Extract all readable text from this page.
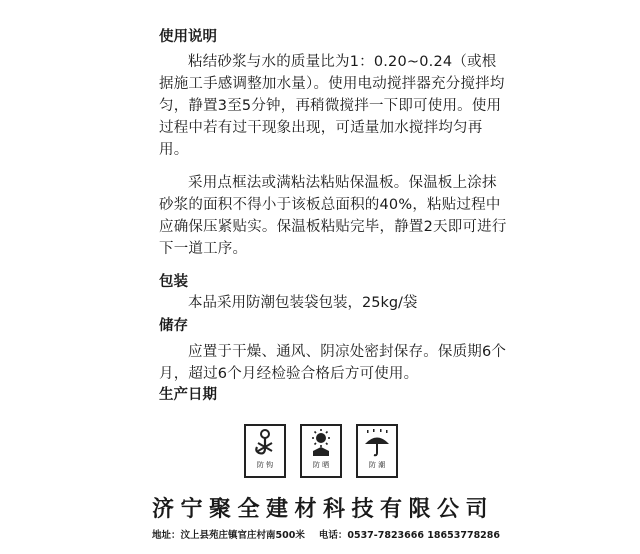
使用说明

粘结砂浆与水的质量比为1：0.20~0.24（或根据施工手感调整加水量）。使用电动搅拌器充分搅拌均匀，静置3至5分钟，再稍微搅拌一下即可使用。使用过程中若有过干现象出现，可适量加水搅拌均匀再用。

采用点框法或满粘法粘贴保温板。保温板上涂抹砂浆的面积不得小于该板总面积的40%，粘贴过程中应确保压紧贴实。保温板粘贴完毕，静置2天即可进行下一道工序。

包装
本品采用防潮包装袋包装，25kg/袋
储存

应置于干燥、通风、阴凉处密封保存。保质期6个月，超过6个月经检验合格后方可使用。

生产日期
防 钩	防 晒	防 潮
济宁聚全建材科技有限公司
地址：汶上县苑庄镇官庄村南500米 电话：0537-7823666 18653778286
